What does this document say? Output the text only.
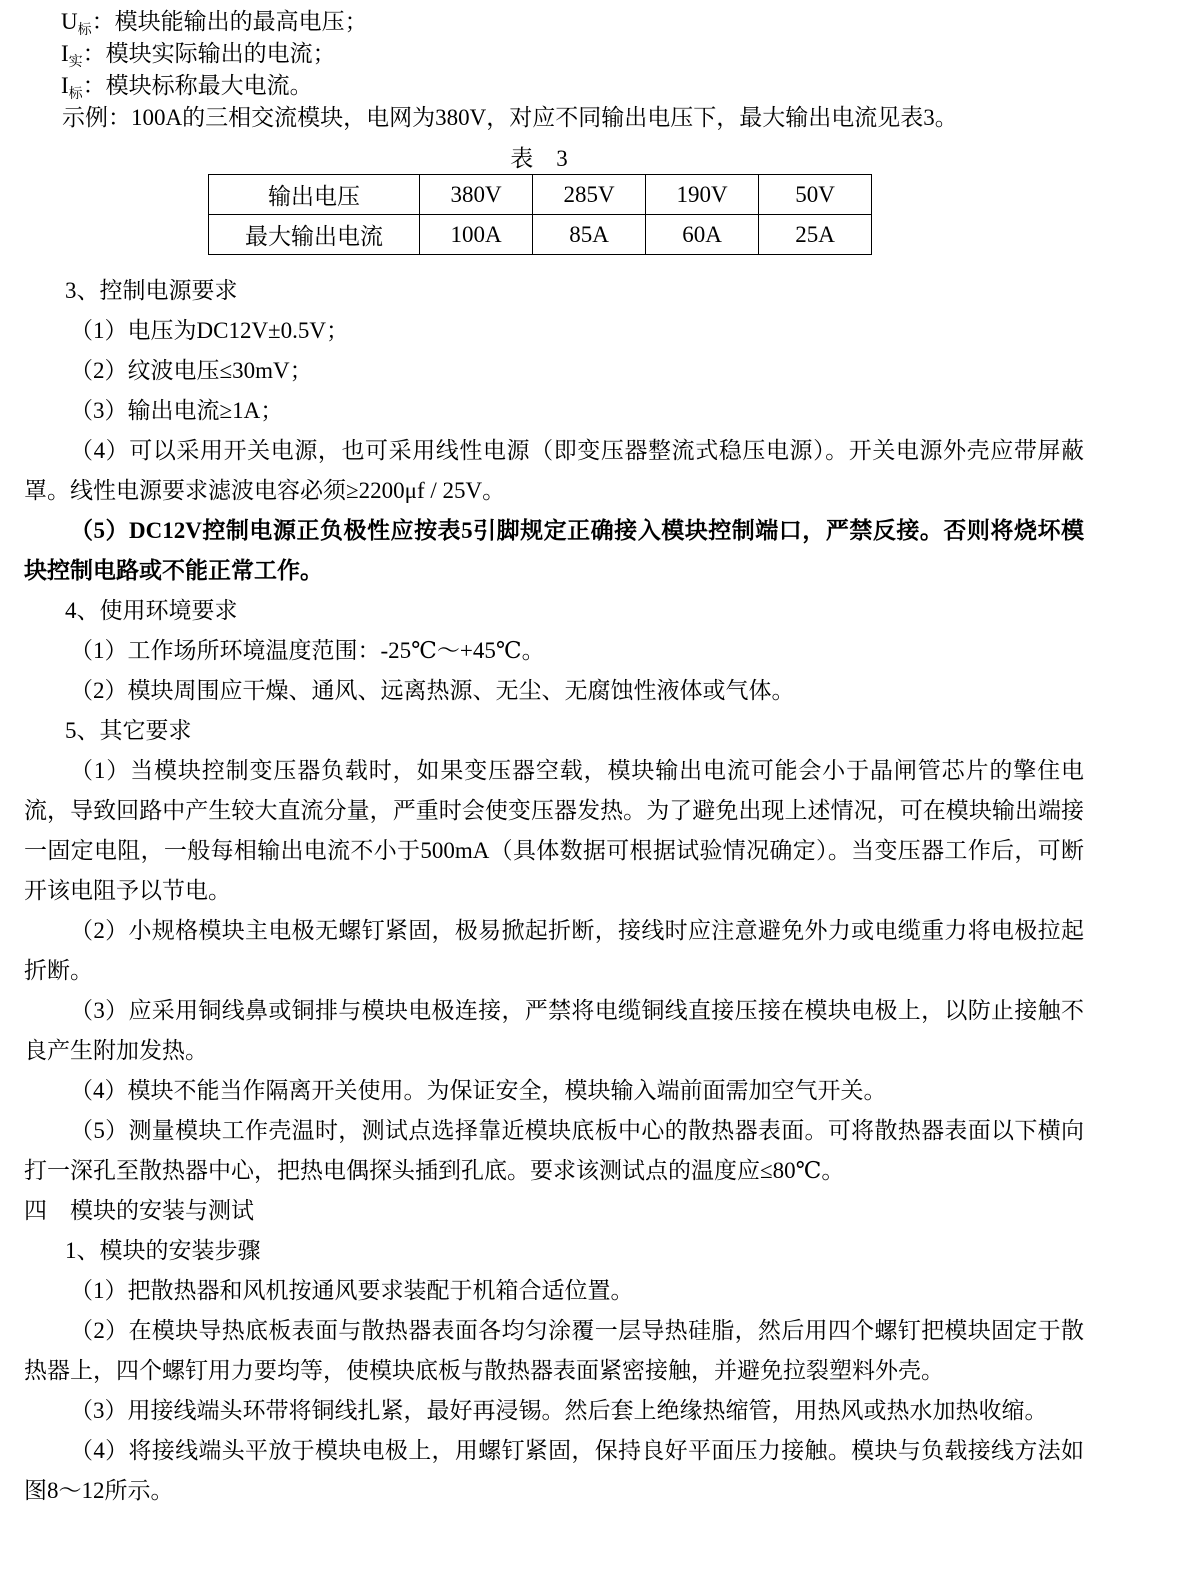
$U_标$：模块能输出的最高电压；
$I_实$：模块实际输出的电流；
$I_标$：模块标称最大电流。

示例：100A的三相交流模块，电网为380V，对应不同输出电压下，最大输出电流见表3。

表　3
输出电压	380V	285V	190V	50V
最大输出电流	100A	85A	60A	25A

3、控制电源要求

（1）电压为DC12V±0.5V；

（2）纹波电压≤30mV；

（3）输出电流≥1A；

（4）可以采用开关电源，也可采用线性电源（即变压器整流式稳压电源）。开关电源外壳应带屏蔽罩。线性电源要求滤波电容必须≥2200μf / 25V。

（5）DC12V控制电源正负极性应按表5引脚规定正确接入模块控制端口，严禁反接。否则将烧坏模块控制电路或不能正常工作。

4、使用环境要求

（1）工作场所环境温度范围：-25℃～+45℃。

（2）模块周围应干燥、通风、远离热源、无尘、无腐蚀性液体或气体。

5、其它要求

（1）当模块控制变压器负载时，如果变压器空载，模块输出电流可能会小于晶闸管芯片的擎住电流，导致回路中产生较大直流分量，严重时会使变压器发热。为了避免出现上述情况，可在模块输出端接一固定电阻，一般每相输出电流不小于500mA（具体数据可根据试验情况确定）。当变压器工作后，可断开该电阻予以节电。

（2）小规格模块主电极无螺钉紧固，极易掀起折断，接线时应注意避免外力或电缆重力将电极拉起折断。

（3）应采用铜线鼻或铜排与模块电极连接，严禁将电缆铜线直接压接在模块电极上，以防止接触不良产生附加发热。

（4）模块不能当作隔离开关使用。为保证安全，模块输入端前面需加空气开关。

（5）测量模块工作壳温时，测试点选择靠近模块底板中心的散热器表面。可将散热器表面以下横向打一深孔至散热器中心，把热电偶探头插到孔底。要求该测试点的温度应≤80℃。

四　模块的安装与测试

1、模块的安装步骤

（1）把散热器和风机按通风要求装配于机箱合适位置。

（2）在模块导热底板表面与散热器表面各均匀涂覆一层导热硅脂，然后用四个螺钉把模块固定于散热器上，四个螺钉用力要均等，使模块底板与散热器表面紧密接触，并避免拉裂塑料外壳。

（3）用接线端头环带将铜线扎紧，最好再浸锡。然后套上绝缘热缩管，用热风或热水加热收缩。

（4）将接线端头平放于模块电极上，用螺钉紧固，保持良好平面压力接触。模块与负载接线方法如图8～12所示。
